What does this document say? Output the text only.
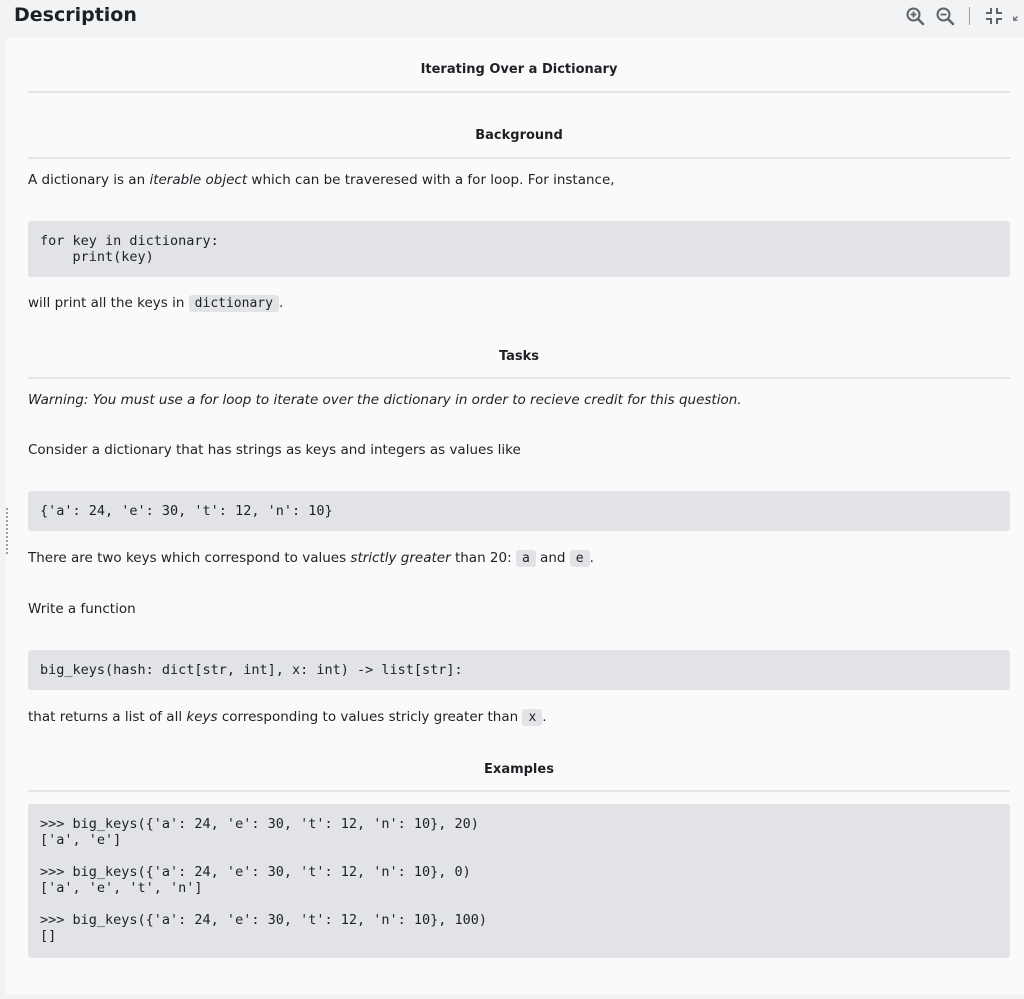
Description
Iterating Over a Dictionary
Background
A dictionary is an iterable object which can be traveresed with a for loop. For instance,
for key in dictionary:
print(key)
will print all the keys in dictionary .
Tasks
Warning: You must use a for loop to iterate over the dictionary in order to recieve credit for this question.
Consider a dictionary that has strings as keys and integers as values like
{'a': 24, 'e': 30, 't': 12, 'n': 10}
There are two keys which correspond to values strictly greater than 20: a and e .
Write a function
big_keys(hash: dict[str, int], x: int) -> list[str]:
that returns a list of all keys corresponding to values stricly greater than x .
Examples
>>> big_keys({'a': 24, 'e': 30, 't': 12, 'n': 10}, 20)
['a', 'e']

>>> big_keys({'a': 24, 'e': 30, 't': 12, 'n': 10}, 0)
['a', 'e', 't', 'n']

>>> big_keys({'a': 24, 'e': 30, 't': 12, 'n': 10}, 100)
[]
